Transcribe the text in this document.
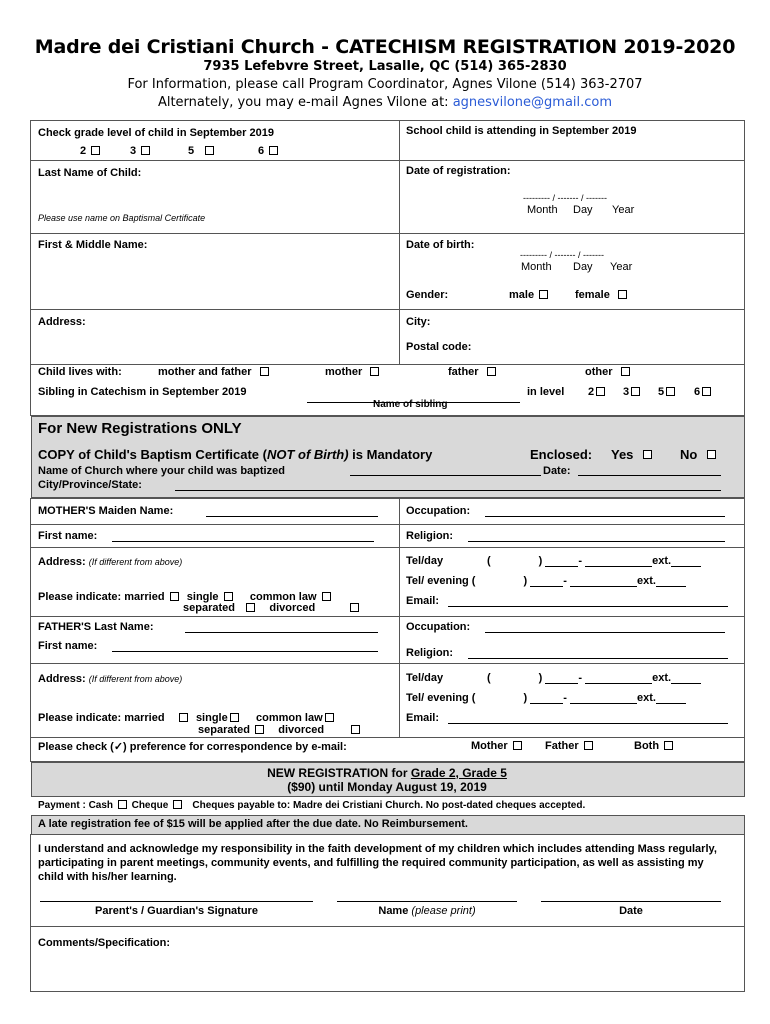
Madre dei Cristiani Church - CATECHISM REGISTRATION 2019-2020
7935 Lefebvre Street, Lasalle, QC (514) 365-2830
For Information, please call Program Coordinator, Agnes Vilone (514) 363-2707
Alternately, you may e-mail Agnes Vilone at: agnesvilone@gmail.com
Check grade level of child in September 2019
2	3	5	6
School child is attending in September 2019
Last Name of Child:
Please use name on Baptismal Certificate
Date of registration:
--------- / ------- / -------
Month Day Year
First & Middle Name:	Date of birth:
--------- / ------- / -------
Month Day Year
Gender:	male	female
Address:	City:
Postal code:
Child lives with:	mother and father	mother	father	other
Sibling in Catechism in September 2019	in level 2	3	5	6
Name of sibling
For New Registrations ONLY
COPY of Child's Baptism Certificate (NOT of Birth) is Mandatory	Enclosed: Yes	No
Name of Church where your child was baptized	Date:
City/Province/State:
MOTHER'S Maiden Name:	Occupation:
First name:	Religion:
Address: (If different from above)	Tel/day	(	)	-	ext.
Tel/ evening (	)	-	ext.
Please indicate: married single	common law
separated	divorced
Email:
FATHER'S Last Name:	Occupation:
First name:
Religion:
Address: (If different from above)	Tel/day	(	)	-	ext.
Tel/ evening (	)	-	ext.
Please indicate: married	single	common law
separated	divorced
Email:
Please check (✓) preference for correspondence by e-mail:	Mother	Father	Both
NEW REGISTRATION for Grade 2, Grade 5
($90) until Monday August 19, 2019
Payment : Cash Cheque Cheques payable to: Madre dei Cristiani Church. No post-dated cheques accepted.
A late registration fee of $15 will be applied after the due date. No Reimbursement.
I understand and acknowledge my responsibility in the faith development of my children which includes attending Mass regularly, participating in parent meetings, community events, and fulfilling the required community participation, as well as assisting my child with his/her learning.
Parent's / Guardian's Signature	Name (please print)	Date
Comments/Specification:
